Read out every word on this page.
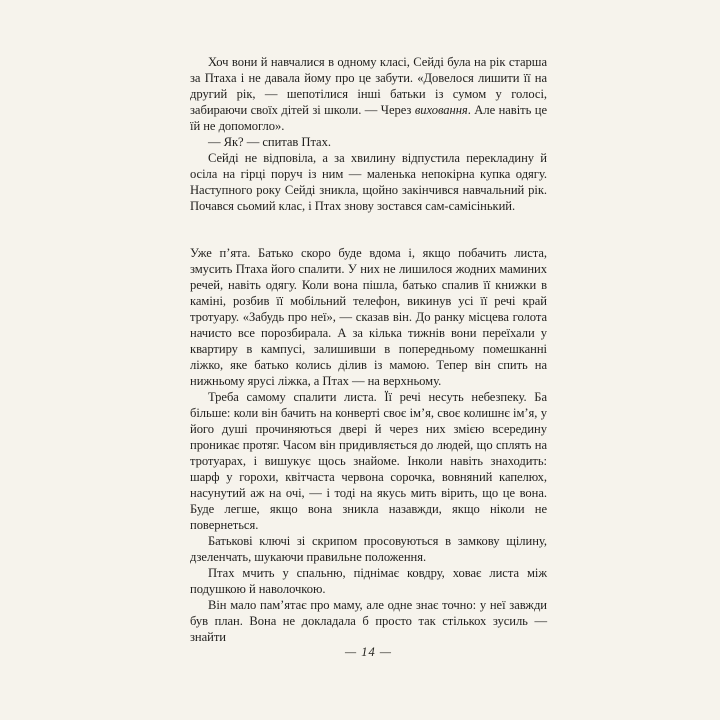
Хоч вони й навчалися в одному класі, Сейді була на рік старша за Птаха і не давала йому про це забути. «Довелося лишити її на другий рік, — шепотілися інші батьки із сумом у голосі, забираючи своїх дітей зі школи. — Через виховання. Але навіть це їй не допомогло».

— Як? — спитав Птах.

Сейді не відповіла, а за хвилину відпустила перекладину й осіла на гірці поруч із ним — маленька непокірна купка одягу. Наступного року Сейді зникла, щойно закінчився навчальний рік. Почався сьомий клас, і Птах знову зостався сам-самісінький.

Уже п’ята. Батько скоро буде вдома і, якщо побачить листа, змусить Птаха його спалити. У них не лишилося жодних маминих речей, навіть одягу. Коли вона пішла, батько спалив її книжки в каміні, розбив її мобільний телефон, викинув усі її речі край тротуару. «Забудь про неї», — сказав він. До ранку місцева голота начисто все порозбирала. А за кілька тижнів вони переїхали у квартиру в кампусі, залишивши в попередньому помешканні ліжко, яке батько колись ділив із мамою. Тепер він спить на нижньому ярусі ліжка, а Птах — на верхньому.

Треба самому спалити листа. Її речі несуть небезпеку. Ба більше: коли він бачить на конверті своє ім’я, своє колишнє ім’я, у його душі прочиняються двері й через них змією всередину проникає протяг. Часом він придивляється до людей, що сплять на тротуарах, і вишукує щось знайоме. Інколи навіть знаходить: шарф у горохи, квітчаста червона сорочка, вовняний капелюх, насунутий аж на очі, — і тоді на якусь мить вірить, що це вона. Буде легше, якщо вона зникла назавжди, якщо ніколи не повернеться.

Батькові ключі зі скрипом просовуються в замкову щілину, дзеленчать, шукаючи правильне положення.

Птах мчить у спальню, піднімає ковдру, ховає листа між подушкою й наволочкою.

Він мало пам’ятає про маму, але одне знає точно: у неї завжди був план. Вона не докладала б просто так стількох зусиль — знайти

— 14 —
